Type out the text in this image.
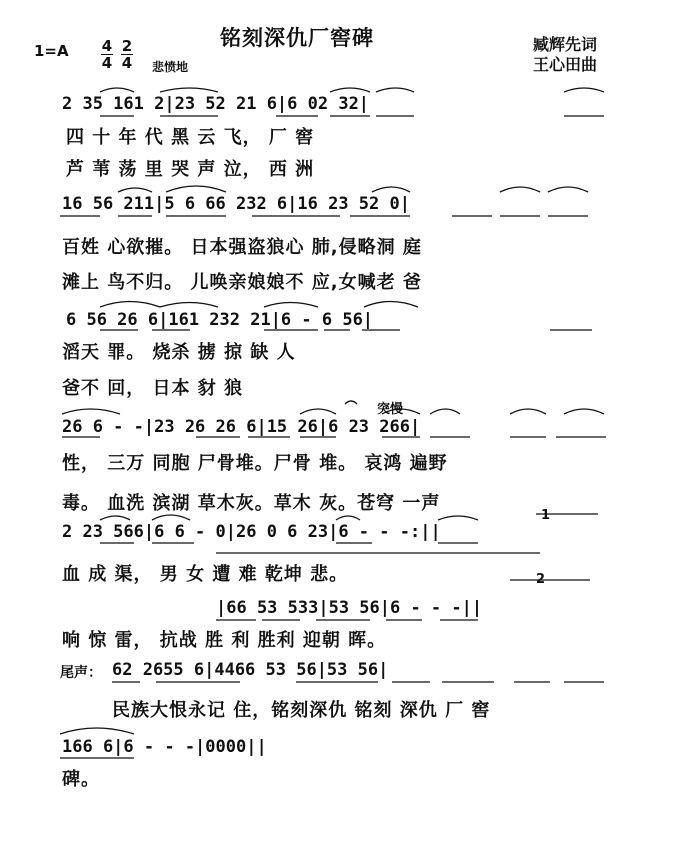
铭刻深仇厂窖碑	臧辉先词
王心田曲
1=A 4
4
2
4 悲愤地
2 35 161 2|23 52 21 6|6 02 32|
四 十 年 代 黑 云 飞， 厂 窖
芦 苇 荡 里 哭 声 泣， 西 洲
16 56 211|5 6 66 232 6|16 23 52 0|
百姓 心欲摧。 日本强盗狼心 肺,侵略洞 庭
滩上 鸟不归。 儿唤亲娘娘不 应,女喊老 爸
6 56 26 6|161 232 21|6 - 6 56|
滔天 罪。 烧杀 掳 掠 缺 人
爸不 回， 日本 豺 狼
突慢
26 6 - -|23 26 26 6|15 26|6 23 266|
性， 三万 同胞 尸骨堆。尸骨 堆。 哀鸿 遍野
毒。 血洗 滨湖 草木灰。草木 灰。苍穹 一声
2 23 566|6 6 - 0|26 0 6 23|6 - - -:||
1
血 成 渠， 男 女 遭 难 乾坤 悲。	2
|66 53 533|53 56|6 - - -||
响 惊 雷， 抗战 胜 利 胜利 迎朝 晖。
尾声： 62 2655 6|4466 53 56|53 56|
民族大恨永记 住，铭刻深仇 铭刻 深仇 厂 窖
166 6|6 - - -|0000||
碑。
